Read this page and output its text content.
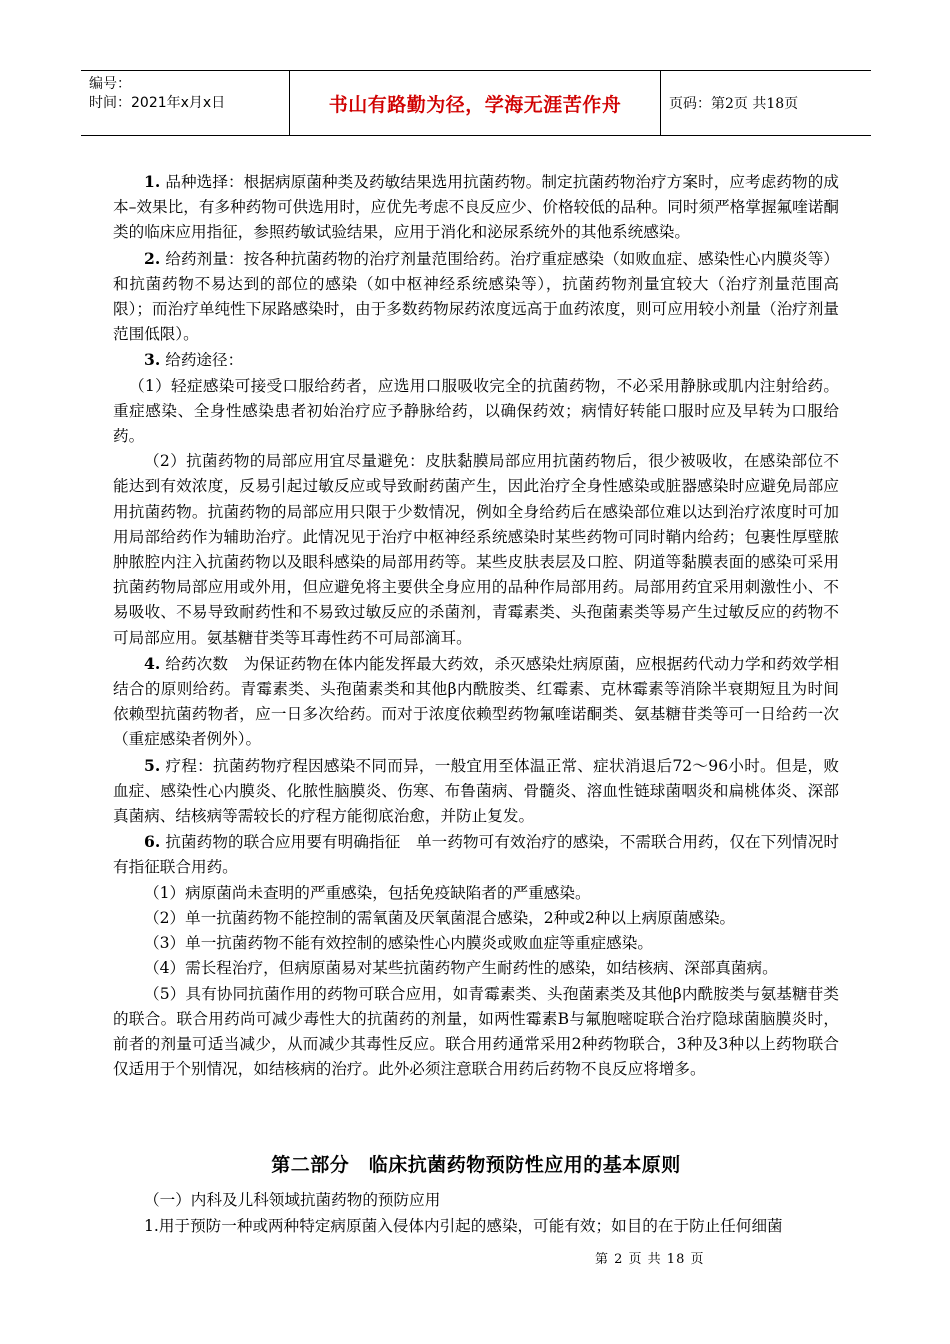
编号：
时间：2021年x月x日	书山有路勤为径，学海无涯苦作舟	页码：第2页 共18页

1. 品种选择：根据病原菌种类及药敏结果选用抗菌药物。制定抗菌药物治疗方案时，应考虑药物的成本–效果比，有多种药物可供选用时，应优先考虑不良反应少、价格较低的品种。同时须严格掌握氟喹诺酮类的临床应用指征，参照药敏试验结果，应用于消化和泌尿系统外的其他系统感染。

2. 给药剂量：按各种抗菌药物的治疗剂量范围给药。治疗重症感染（如败血症、感染性心内膜炎等）和抗菌药物不易达到的部位的感染（如中枢神经系统感染等），抗菌药物剂量宜较大（治疗剂量范围高限）；而治疗单纯性下尿路感染时，由于多数药物尿药浓度远高于血药浓度，则可应用较小剂量（治疗剂量范围低限）。

3. 给药途径：

（1）轻症感染可接受口服给药者，应选用口服吸收完全的抗菌药物，不必采用静脉或肌内注射给药。重症感染、全身性感染患者初始治疗应予静脉给药，以确保药效；病情好转能口服时应及早转为口服给药。

（2）抗菌药物的局部应用宜尽量避免：皮肤黏膜局部应用抗菌药物后，很少被吸收，在感染部位不能达到有效浓度，反易引起过敏反应或导致耐药菌产生，因此治疗全身性感染或脏器感染时应避免局部应用抗菌药物。抗菌药物的局部应用只限于少数情况，例如全身给药后在感染部位难以达到治疗浓度时可加用局部给药作为辅助治疗。此情况见于治疗中枢神经系统感染时某些药物可同时鞘内给药；包裹性厚壁脓肿脓腔内注入抗菌药物以及眼科感染的局部用药等。某些皮肤表层及口腔、阴道等黏膜表面的感染可采用抗菌药物局部应用或外用，但应避免将主要供全身应用的品种作局部用药。局部用药宜采用刺激性小、不易吸收、不易导致耐药性和不易致过敏反应的杀菌剂，青霉素类、头孢菌素类等易产生过敏反应的药物不可局部应用。氨基糖苷类等耳毒性药不可局部滴耳。

4. 给药次数　为保证药物在体内能发挥最大药效，杀灭感染灶病原菌，应根据药代动力学和药效学相结合的原则给药。青霉素类、头孢菌素类和其他β内酰胺类、红霉素、克林霉素等消除半衰期短且为时间依赖型抗菌药物者，应一日多次给药。而对于浓度依赖型药物氟喹诺酮类、氨基糖苷类等可一日给药一次（重症感染者例外）。

5. 疗程：抗菌药物疗程因感染不同而异，一般宜用至体温正常、症状消退后72～96小时。但是，败血症、感染性心内膜炎、化脓性脑膜炎、伤寒、布鲁菌病、骨髓炎、溶血性链球菌咽炎和扁桃体炎、深部真菌病、结核病等需较长的疗程方能彻底治愈，并防止复发。

6. 抗菌药物的联合应用要有明确指征　单一药物可有效治疗的感染，不需联合用药，仅在下列情况时有指征联合用药。

（1）病原菌尚未查明的严重感染，包括免疫缺陷者的严重感染。

（2）单一抗菌药物不能控制的需氧菌及厌氧菌混合感染，2种或2种以上病原菌感染。

（3）单一抗菌药物不能有效控制的感染性心内膜炎或败血症等重症感染。

（4）需长程治疗，但病原菌易对某些抗菌药物产生耐药性的感染，如结核病、深部真菌病。

（5）具有协同抗菌作用的药物可联合应用，如青霉素类、头孢菌素类及其他β内酰胺类与氨基糖苷类的联合。联合用药尚可减少毒性大的抗菌药的剂量，如两性霉素B与氟胞嘧啶联合治疗隐球菌脑膜炎时，前者的剂量可适当减少，从而减少其毒性反应。联合用药通常采用2种药物联合，3种及3种以上药物联合仅适用于个别情况，如结核病的治疗。此外必须注意联合用药后药物不良反应将增多。

第二部分　临床抗菌药物预防性应用的基本原则

（一）内科及儿科领域抗菌药物的预防应用

1.用于预防一种或两种特定病原菌入侵体内引起的感染，可能有效；如目的在于防止任何细菌

第 2 页 共 18 页
